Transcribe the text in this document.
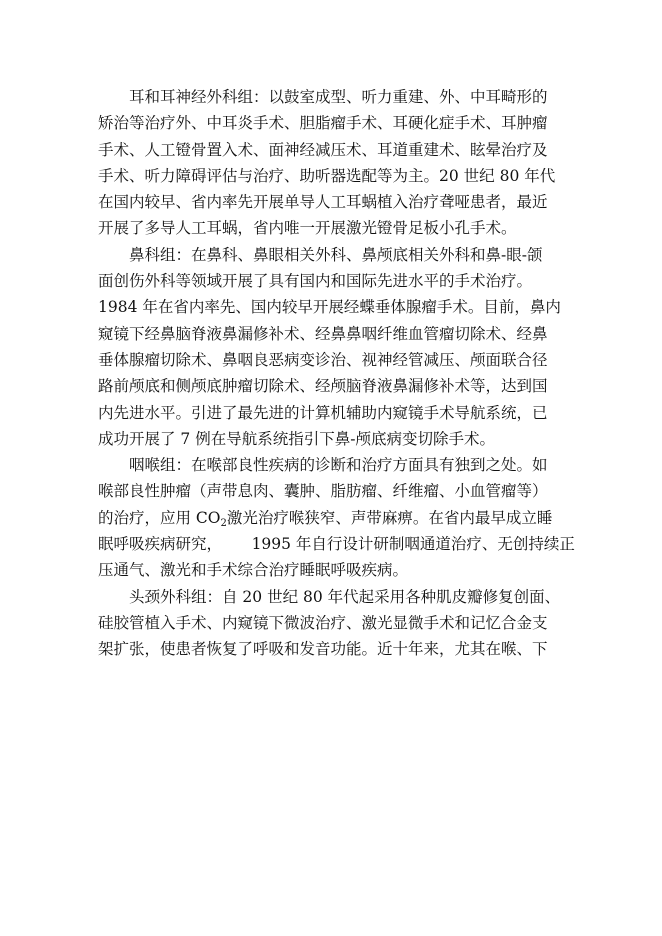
耳和耳神经外科组：以鼓室成型、听力重建、外、中耳畸形的
矫治等治疗外、中耳炎手术、胆脂瘤手术、耳硬化症手术、耳肿瘤
手术、人工镫骨置入术、面神经减压术、耳道重建术、眩晕治疗及
手术、听力障碍评估与治疗、助听器选配等为主。20 世纪 80 年代
在国内较早、省内率先开展单导人工耳蜗植入治疗聋哑患者，最近
开展了多导人工耳蜗，省内唯一开展激光镫骨足板小孔手术。
鼻科组：在鼻科、鼻眼相关外科、鼻颅底相关外科和鼻-眼-颌
面创伤外科等领域开展了具有国内和国际先进水平的手术治疗。
1984 年在省内率先、国内较早开展经蝶垂体腺瘤手术。目前，鼻内
窥镜下经鼻脑脊液鼻漏修补术、经鼻鼻咽纤维血管瘤切除术、经鼻
垂体腺瘤切除术、鼻咽良恶病变诊治、视神经管减压、颅面联合径
路前颅底和侧颅底肿瘤切除术、经颅脑脊液鼻漏修补术等，达到国
内先进水平。引进了最先进的计算机辅助内窥镜手术导航系统，已
成功开展了 7 例在导航系统指引下鼻-颅底病变切除手术。
咽喉组：在喉部良性疾病的诊断和治疗方面具有独到之处。如
喉部良性肿瘤（声带息肉、囊肿、脂肪瘤、纤维瘤、小血管瘤等）
的治疗，应用 $CO_2$激光治疗喉狭窄、声带麻痹。在省内最早成立睡
眠呼吸疾病研究，      1995 年自行设计研制咽通道治疗、无创持续正
压通气、激光和手术综合治疗睡眠呼吸疾病。
头颈外科组：自 20 世纪 80 年代起采用各种肌皮瓣修复创面、
硅胶管植入手术、内窥镜下微波治疗、激光显微手术和记忆合金支
架扩张，使患者恢复了呼吸和发音功能。近十年来，尤其在喉、下
